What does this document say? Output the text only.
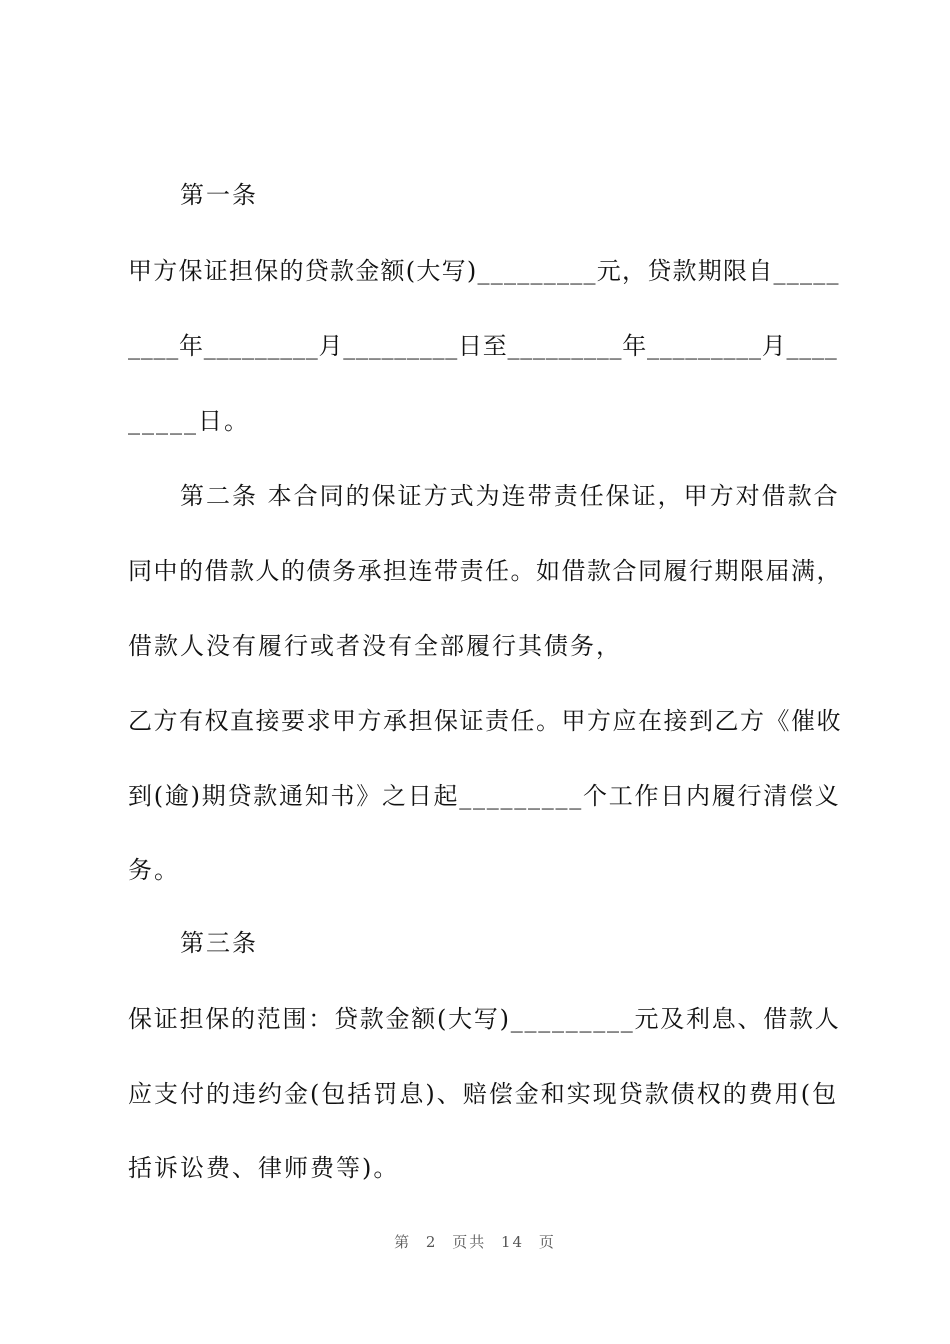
第一条
甲方保证担保的贷款金额(大写)_________元，贷款期限自_____
____年_________月_________日至_________年_________月____
_____日。
第二条 本合同的保证方式为连带责任保证，甲方对借款合
同中的借款人的债务承担连带责任。如借款合同履行期限届满，
借款人没有履行或者没有全部履行其债务，
乙方有权直接要求甲方承担保证责任。甲方应在接到乙方《催收
到(逾)期贷款通知书》之日起_________个工作日内履行清偿义
务。
第三条
保证担保的范围：贷款金额(大写)_________元及利息、借款人
应支付的违约金(包括罚息)、赔偿金和实现贷款债权的费用(包
括诉讼费、律师费等)。
第 2 页共 14 页
